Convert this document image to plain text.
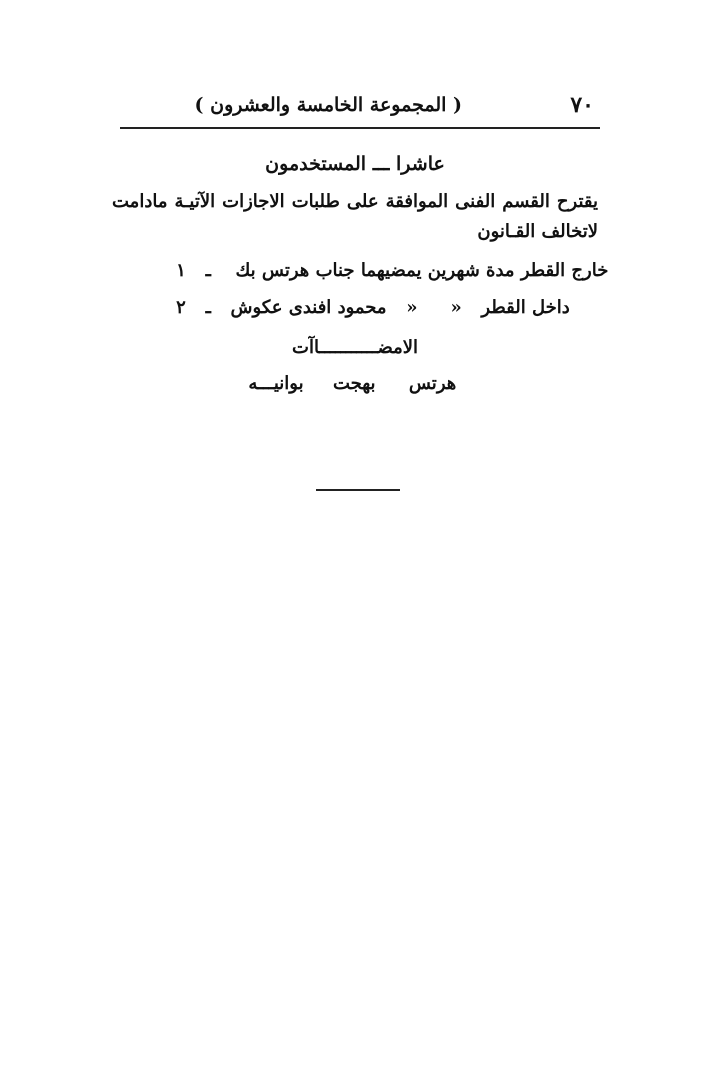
٧٠
( المجموعة الخامسة والعشرون )
عاشرا ـــ المستخدمون
يقترح القسم الفنى الموافقة على طلبات الاجازات الآتيـة مادامت لاتخالف القـانون
١ ـ جناب هرتس بك مدة شهرين يمضيهما خارج القطر
٢ ـ محمود افندى عكوش « « داخل القطر
الامضـــــــــــاآت
بوانيـــه بهجت هرتس
